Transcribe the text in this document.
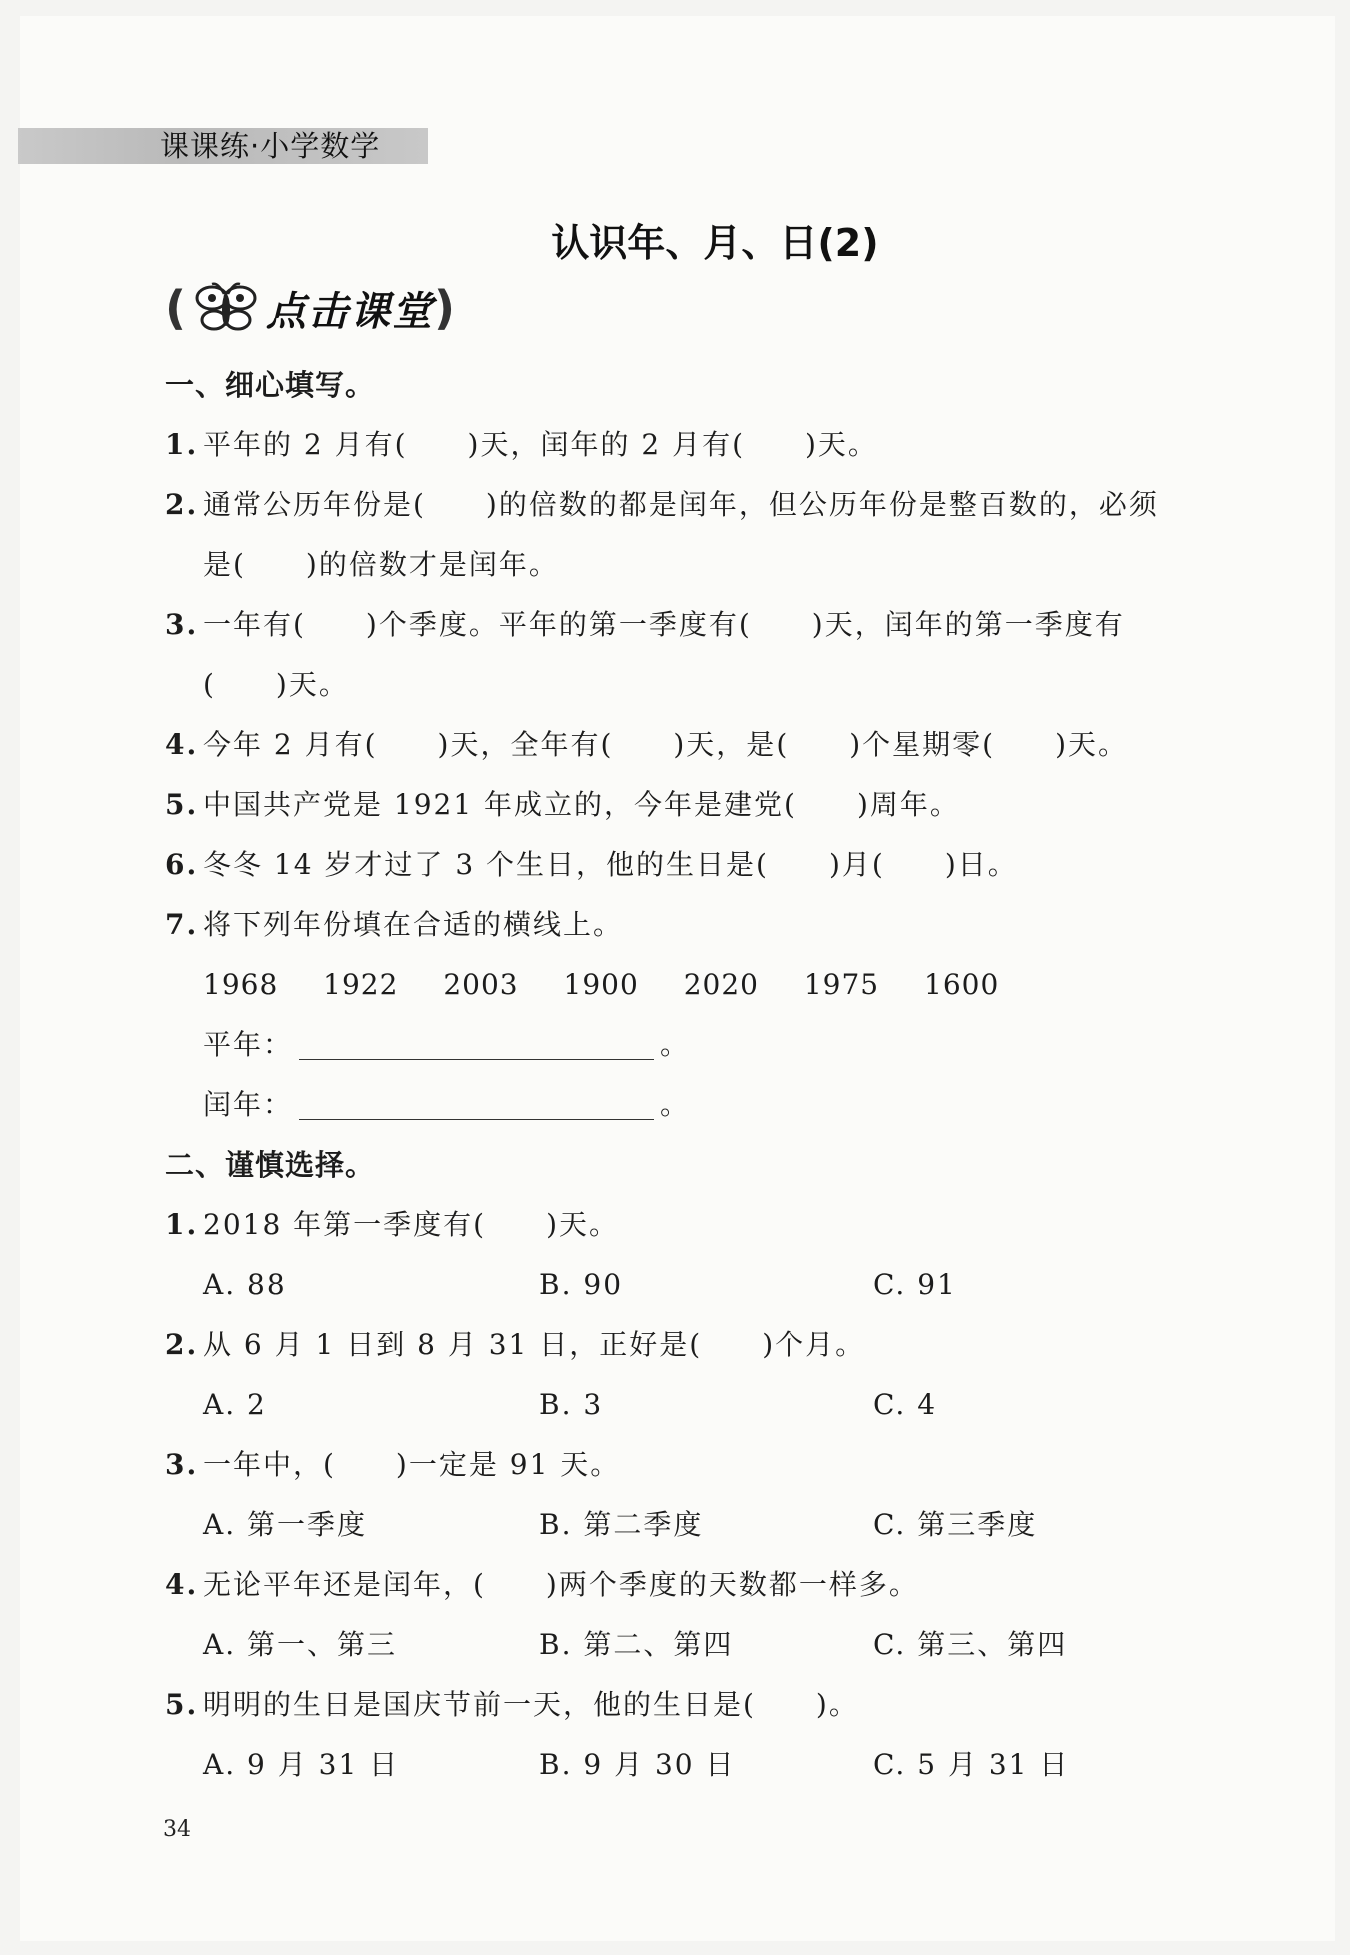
课课练·小学数学
认识年、月、日(2)
( 点击课堂 )
一、细心填写。
1. 平年的 2 月有(　　)天，闰年的 2 月有(　　)天。
2. 通常公历年份是(　　)的倍数的都是闰年，但公历年份是整百数的，必须
是(　　)的倍数才是闰年。
3. 一年有(　　)个季度。平年的第一季度有(　　)天，闰年的第一季度有
(　　)天。
4. 今年 2 月有(　　)天，全年有(　　)天，是(　　)个星期零(　　)天。
5. 中国共产党是 1921 年成立的，今年是建党(　　)周年。
6. 冬冬 14 岁才过了 3 个生日，他的生日是(　　)月(　　)日。
7. 将下列年份填在合适的横线上。
1968 1922 2003 1900 2020 1975 1600
平年：	。
闰年：	。
二、谨慎选择。
1. 2018 年第一季度有(　　)天。
A. 88	B. 90	C. 91
2. 从 6 月 1 日到 8 月 31 日，正好是(　　)个月。
A. 2	B. 3	C. 4
3. 一年中，(　　)一定是 91 天。
A. 第一季度	B. 第二季度	C. 第三季度
4. 无论平年还是闰年，(　　)两个季度的天数都一样多。
A. 第一、第三	B. 第二、第四	C. 第三、第四
5. 明明的生日是国庆节前一天，他的生日是(　　)。
A. 9 月 31 日	B. 9 月 30 日	C. 5 月 31 日
34
